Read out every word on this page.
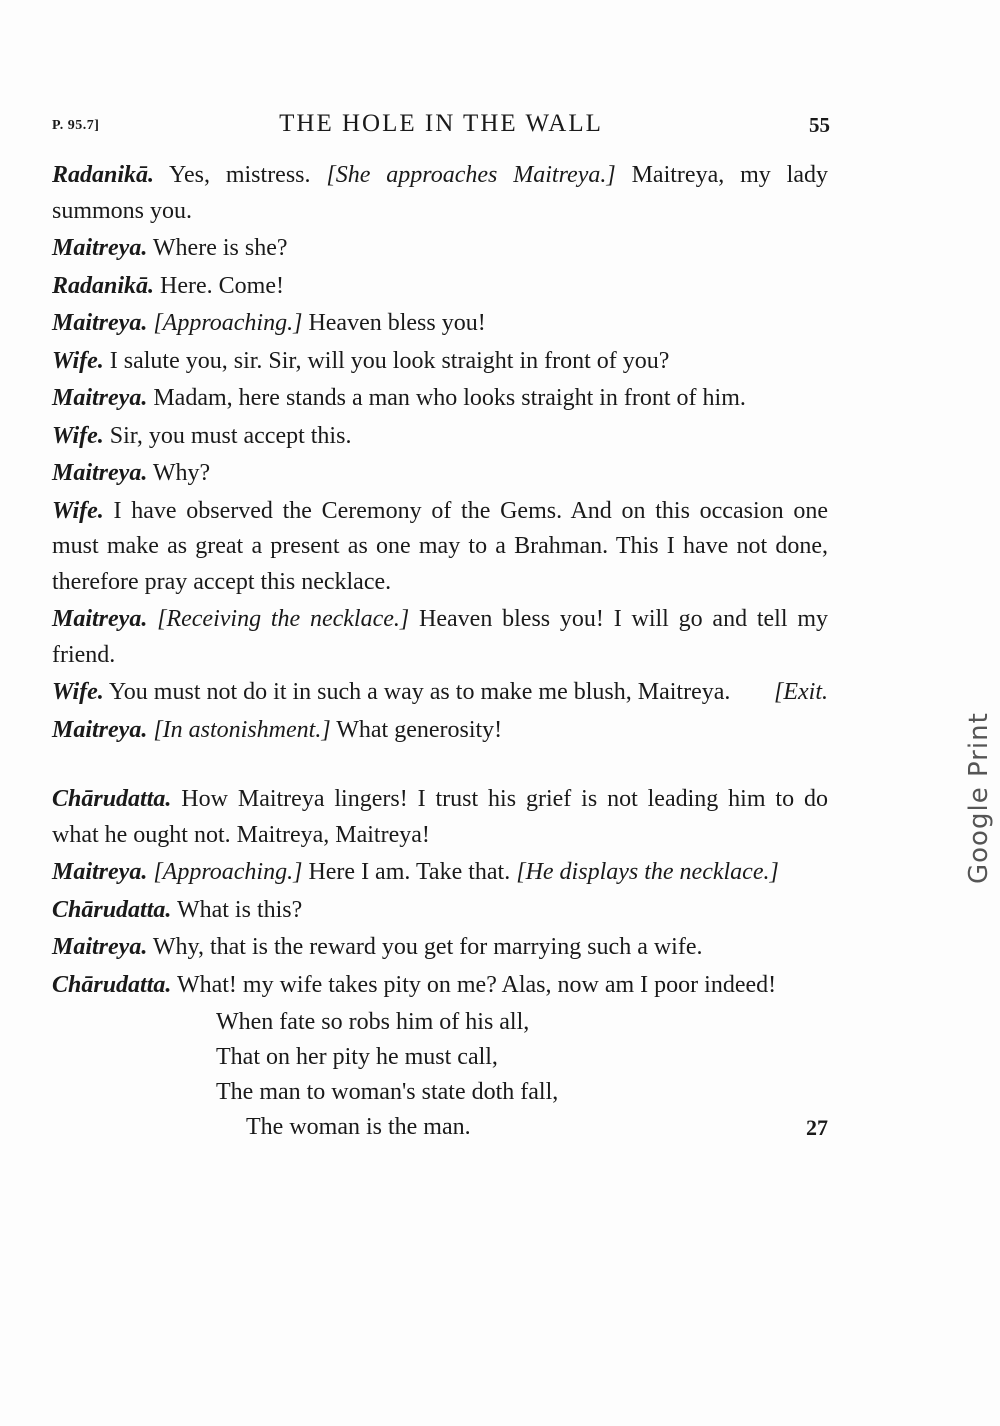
P. 95.7]	THE HOLE IN THE WALL	55

Radanikā. Yes, mistress. [She approaches Maitreya.] Maitreya, my lady summons you.

Maitreya. Where is she?

Radanikā. Here. Come!

Maitreya. [Approaching.] Heaven bless you!

Wife. I salute you, sir. Sir, will you look straight in front of you?

Maitreya. Madam, here stands a man who looks straight in front of him.

Wife. Sir, you must accept this.

Maitreya. Why?

Wife. I have observed the Ceremony of the Gems. And on this occasion one must make as great a present as one may to a Brahman. This I have not done, therefore pray accept this necklace.

Maitreya. [Receiving the necklace.] Heaven bless you! I will go and tell my friend.

Wife. You must not do it in such a way as to make me blush, Maitreya. [Exit.

Maitreya. [In astonishment.] What generosity!

Chārudatta. How Maitreya lingers! I trust his grief is not leading him to do what he ought not. Maitreya, Maitreya!

Maitreya. [Approaching.] Here I am. Take that. [He displays the necklace.]

Chārudatta. What is this?

Maitreya. Why, that is the reward you get for marrying such a wife.

Chārudatta. What! my wife takes pity on me? Alas, now am I poor indeed!

When fate so robs him of his all,
That on her pity he must call,
The man to woman's state doth fall,
The woman is the man.	27
Google Print
